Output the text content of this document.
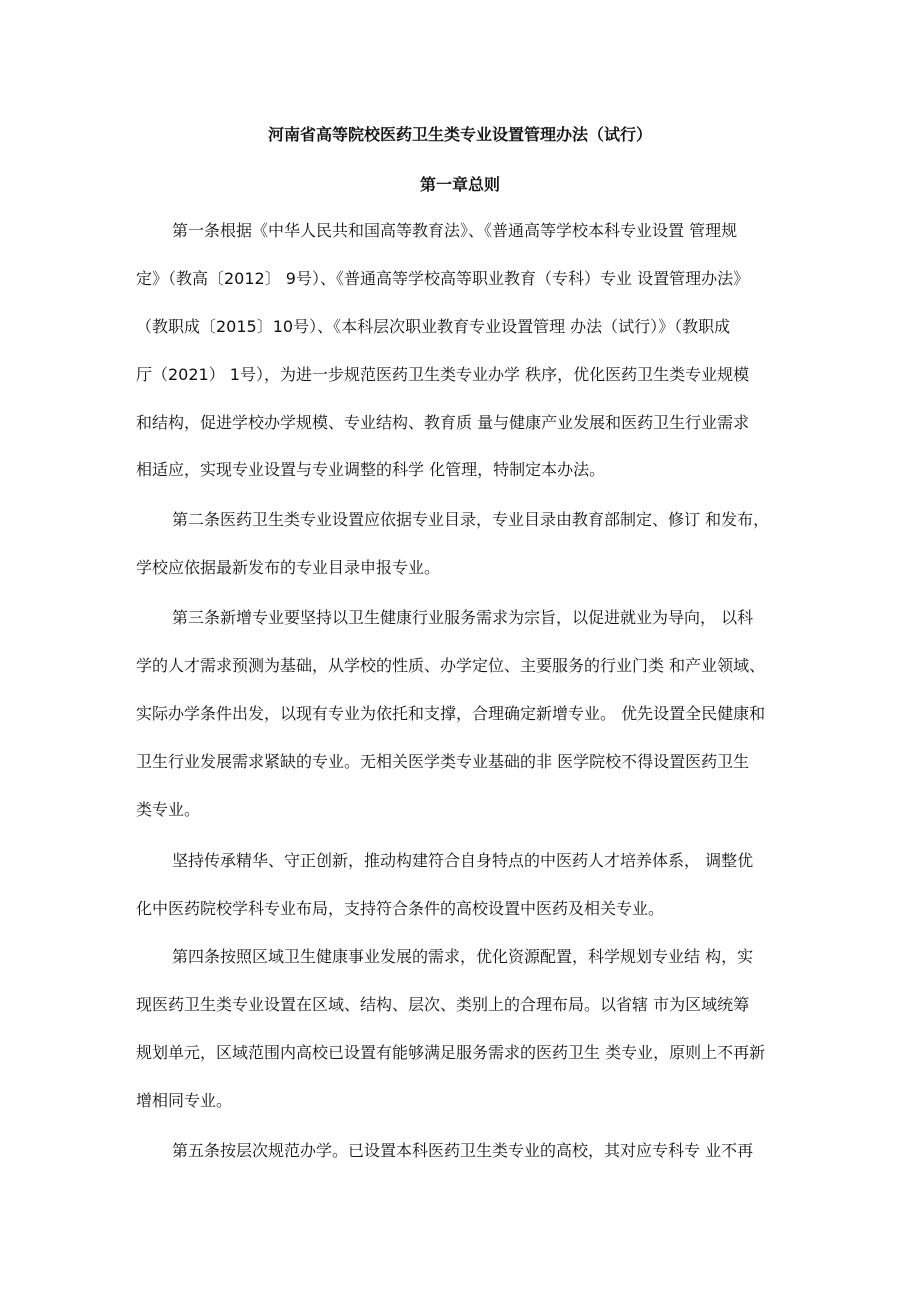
河南省高等院校医药卫生类专业设置管理办法（试行）
第一章总则
第一条根据《中华人民共和国高等教育法》、《普通高等学校本科专业设置 管理规
定》（教高〔2012〕 9号）、《普通高等学校高等职业教育（专科）专业 设置管理办法》
（教职成〔2015〕10号）、《本科层次职业教育专业设置管理 办法（试行）》（教职成
厅（2021） 1号），为进一步规范医药卫生类专业办学 秩序，优化医药卫生类专业规模
和结构，促进学校办学规模、专业结构、教育质 量与健康产业发展和医药卫生行业需求
相适应，实现专业设置与专业调整的科学 化管理，特制定本办法。
第二条医药卫生类专业设置应依据专业目录，专业目录由教育部制定、修订 和发布，
学校应依据最新发布的专业目录申报专业。
第三条新增专业要坚持以卫生健康行业服务需求为宗旨，以促进就业为导向， 以科
学的人才需求预测为基础，从学校的性质、办学定位、主要服务的行业门类 和产业领域、
实际办学条件出发，以现有专业为依托和支撑，合理确定新增专业。 优先设置全民健康和
卫生行业发展需求紧缺的专业。无相关医学类专业基础的非 医学院校不得设置医药卫生
类专业。
坚持传承精华、守正创新，推动构建符合自身特点的中医药人才培养体系， 调整优
化中医药院校学科专业布局，支持符合条件的高校设置中医药及相关专业。
第四条按照区域卫生健康事业发展的需求，优化资源配置，科学规划专业结 构，实
现医药卫生类专业设置在区域、结构、层次、类别上的合理布局。以省辖 市为区域统筹
规划单元，区域范围内高校已设置有能够满足服务需求的医药卫生 类专业，原则上不再新
增相同专业。
第五条按层次规范办学。已设置本科医药卫生类专业的高校，其对应专科专 业不再
